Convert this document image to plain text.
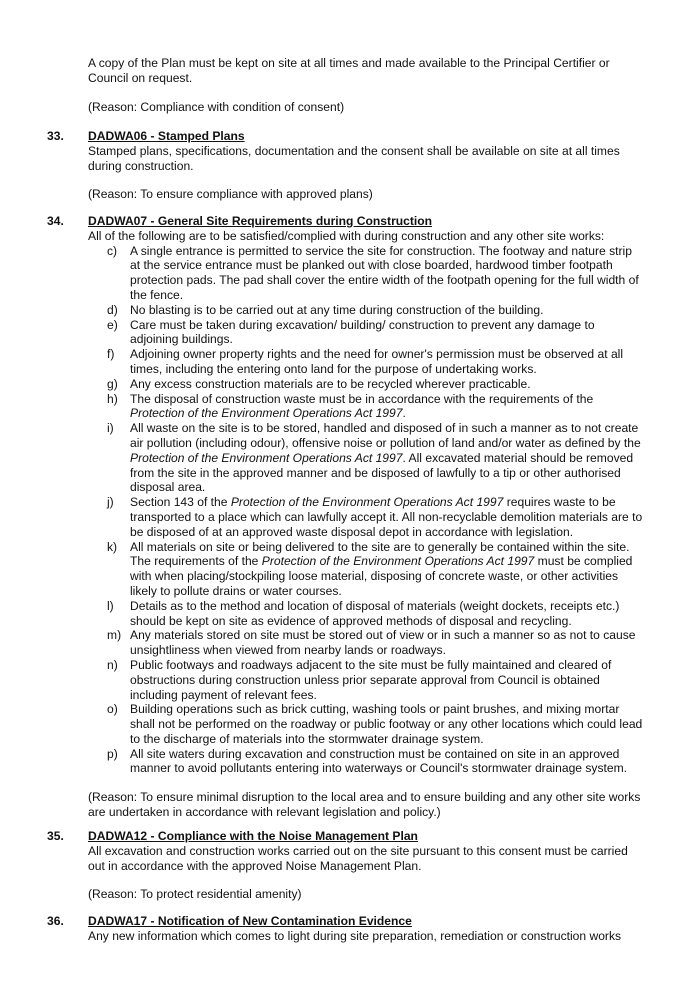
A copy of the Plan must be kept on site at all times and made available to the Principal Certifier or Council on request.

(Reason: Compliance with condition of consent)

33. DADWA06 - Stamped Plans

Stamped plans, specifications, documentation and the consent shall be available on site at all times during construction.

(Reason: To ensure compliance with approved plans)

34. DADWA07 - General Site Requirements during Construction

All of the following are to be satisfied/complied with during construction and any other site works:

c) A single entrance is permitted to service the site for construction. The footway and nature strip at the service entrance must be planked out with close boarded, hardwood timber footpath protection pads. The pad shall cover the entire width of the footpath opening for the full width of the fence.
d) No blasting is to be carried out at any time during construction of the building.
e) Care must be taken during excavation/ building/ construction to prevent any damage to adjoining buildings.
f) Adjoining owner property rights and the need for owner's permission must be observed at all times, including the entering onto land for the purpose of undertaking works.
g) Any excess construction materials are to be recycled wherever practicable.
h) The disposal of construction waste must be in accordance with the requirements of the Protection of the Environment Operations Act 1997.
i) All waste on the site is to be stored, handled and disposed of in such a manner as to not create air pollution (including odour), offensive noise or pollution of land and/or water as defined by the Protection of the Environment Operations Act 1997. All excavated material should be removed from the site in the approved manner and be disposed of lawfully to a tip or other authorised disposal area.
j) Section 143 of the Protection of the Environment Operations Act 1997 requires waste to be transported to a place which can lawfully accept it. All non-recyclable demolition materials are to be disposed of at an approved waste disposal depot in accordance with legislation.
k) All materials on site or being delivered to the site are to generally be contained within the site. The requirements of the Protection of the Environment Operations Act 1997 must be complied with when placing/stockpiling loose material, disposing of concrete waste, or other activities likely to pollute drains or water courses.
l) Details as to the method and location of disposal of materials (weight dockets, receipts etc.) should be kept on site as evidence of approved methods of disposal and recycling.
m) Any materials stored on site must be stored out of view or in such a manner so as not to cause unsightliness when viewed from nearby lands or roadways.
n) Public footways and roadways adjacent to the site must be fully maintained and cleared of obstructions during construction unless prior separate approval from Council is obtained including payment of relevant fees.
o) Building operations such as brick cutting, washing tools or paint brushes, and mixing mortar shall not be performed on the roadway or public footway or any other locations which could lead to the discharge of materials into the stormwater drainage system.
p) All site waters during excavation and construction must be contained on site in an approved manner to avoid pollutants entering into waterways or Council's stormwater drainage system.

(Reason: To ensure minimal disruption to the local area and to ensure building and any other site works are undertaken in accordance with relevant legislation and policy.)

35. DADWA12 - Compliance with the Noise Management Plan

All excavation and construction works carried out on the site pursuant to this consent must be carried out in accordance with the approved Noise Management Plan.

(Reason: To protect residential amenity)

36. DADWA17 - Notification of New Contamination Evidence

Any new information which comes to light during site preparation, remediation or construction works
